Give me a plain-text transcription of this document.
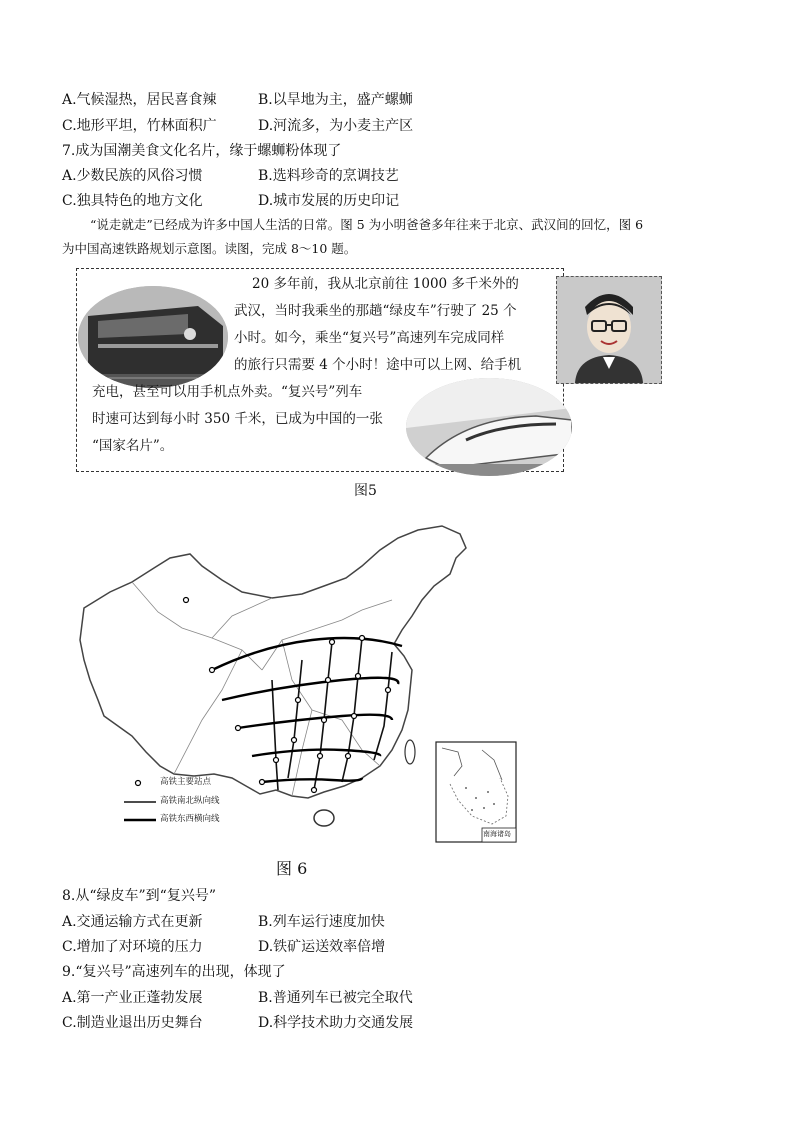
A.气候湿热，居民喜食辣	B.以旱地为主，盛产螺蛳
C.地形平坦，竹林面积广	D.河流多，为小麦主产区
7.成为国潮美食文化名片，缘于螺蛳粉体现了
A.少数民族的风俗习惯	B.选料珍奇的烹调技艺
C.独具特色的地方文化	D.城市发展的历史印记
“说走就走”已经成为许多中国人生活的日常。图 5 为小明爸爸多年往来于北京、武汉间的回忆，图 6
为中国高速铁路规划示意图。读图，完成 8～10 题。
20 多年前，我从北京前往 1000 多千米外的
武汉，当时我乘坐的那趟“绿皮车”行驶了 25 个
小时。如今，乘坐“复兴号”高速列车完成同样
的旅行只需要 4 个小时！途中可以上网、给手机
充电，甚至可以用手机点外卖。“复兴号”列车
时速可达到每小时 350 千米，已成为中国的一张
“国家名片”。
图5
高铁主要站点
高铁南北纵向线
高铁东西横向线
南海诸岛
图 6
8.从“绿皮车”到“复兴号”
A.交通运输方式在更新	B.列车运行速度加快
C.增加了对环境的压力	D.铁矿运送效率倍增
9.“复兴号”高速列车的出现，体现了
A.第一产业正蓬勃发展	B.普通列车已被完全取代
C.制造业退出历史舞台	D.科学技术助力交通发展
